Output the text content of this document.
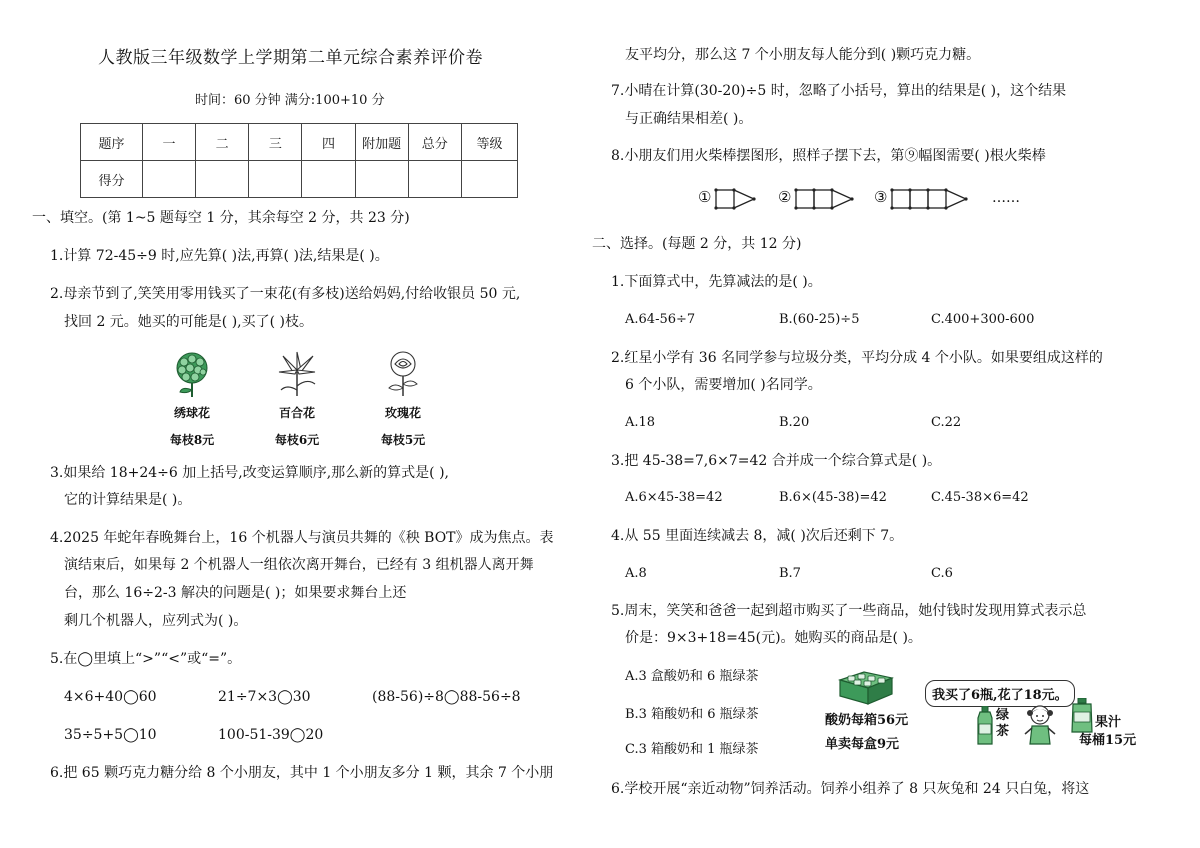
人教版三年级数学上学期第二单元综合素养评价卷
时间：60 分钟 满分:100+10 分
题序	一	二	三	四	附加题	总分	等级
得分							
一、填空。(第 1~5 题每空 1 分，其余每空 2 分，共 23 分)
1.计算 72-45÷9 时,应先算( )法,再算( )法,结果是( )。
2.母亲节到了,笑笑用零用钱买了一束花(有多枝)送给妈妈,付给收银员 50 元,
找回 2 元。她买的可能是( ),买了( )枝。
绣球花
每枝8元
百合花
每枝6元
玫瑰花
每枝5元
3.如果给 18+24÷6 加上括号,改变运算顺序,那么新的算式是( ),
它的计算结果是( )。
4.2025 年蛇年春晚舞台上，16 个机器人与演员共舞的《秧 BOT》成为焦点。表
演结束后，如果每 2 个机器人一组依次离开舞台，已经有 3 组机器人离开舞
台，那么 16÷2-3 解决的问题是( )；如果要求舞台上还
剩几个机器人，应列式为( )。
5.在◯里填上“>”“<”或“=”。
4×6+40◯60	21÷7×3◯30	(88-56)÷8◯88-56÷8
35÷5+5◯10	100-51-39◯20
6.把 65 颗巧克力糖分给 8 个小朋友，其中 1 个小朋友多分 1 颗，其余 7 个小朋
友平均分，那么这 7 个小朋友每人能分到( )颗巧克力糖。
7.小晴在计算(30-20)÷5 时，忽略了小括号，算出的结果是( )，这个结果
与正确结果相差( )。
8.小朋友们用火柴棒摆图形，照样子摆下去，第⑨幅图需要( )根火柴棒
①	②	③	……
二、选择。(每题 2 分，共 12 分)
1.下面算式中，先算减法的是( )。
A.64-56÷7	B.(60-25)÷5	C.400+300-600
2.红星小学有 36 名同学参与垃圾分类，平均分成 4 个小队。如果要组成这样的
6 个小队，需要增加( )名同学。
A.18	B.20	C.22
3.把 45-38=7,6×7=42 合并成一个综合算式是( )。
A.6×45-38=42	B.6×(45-38)=42	C.45-38×6=42
4.从 55 里面连续减去 8，减( )次后还剩下 7。
A.8	B.7	C.6
5.周末，笑笑和爸爸一起到超市购买了一些商品，她付钱时发现用算式表示总
价是：9×3+18=45(元)。她购买的商品是( )。
A.3 盒酸奶和 6 瓶绿茶
B.3 箱酸奶和 6 瓶绿茶
C.3 箱酸奶和 1 瓶绿茶
酸奶每箱56元
单卖每盒9元
我买了6瓶,花了18元。
绿茶
果汁
每桶15元
6.学校开展“亲近动物”饲养活动。饲养小组养了 8 只灰兔和 24 只白兔，将这
